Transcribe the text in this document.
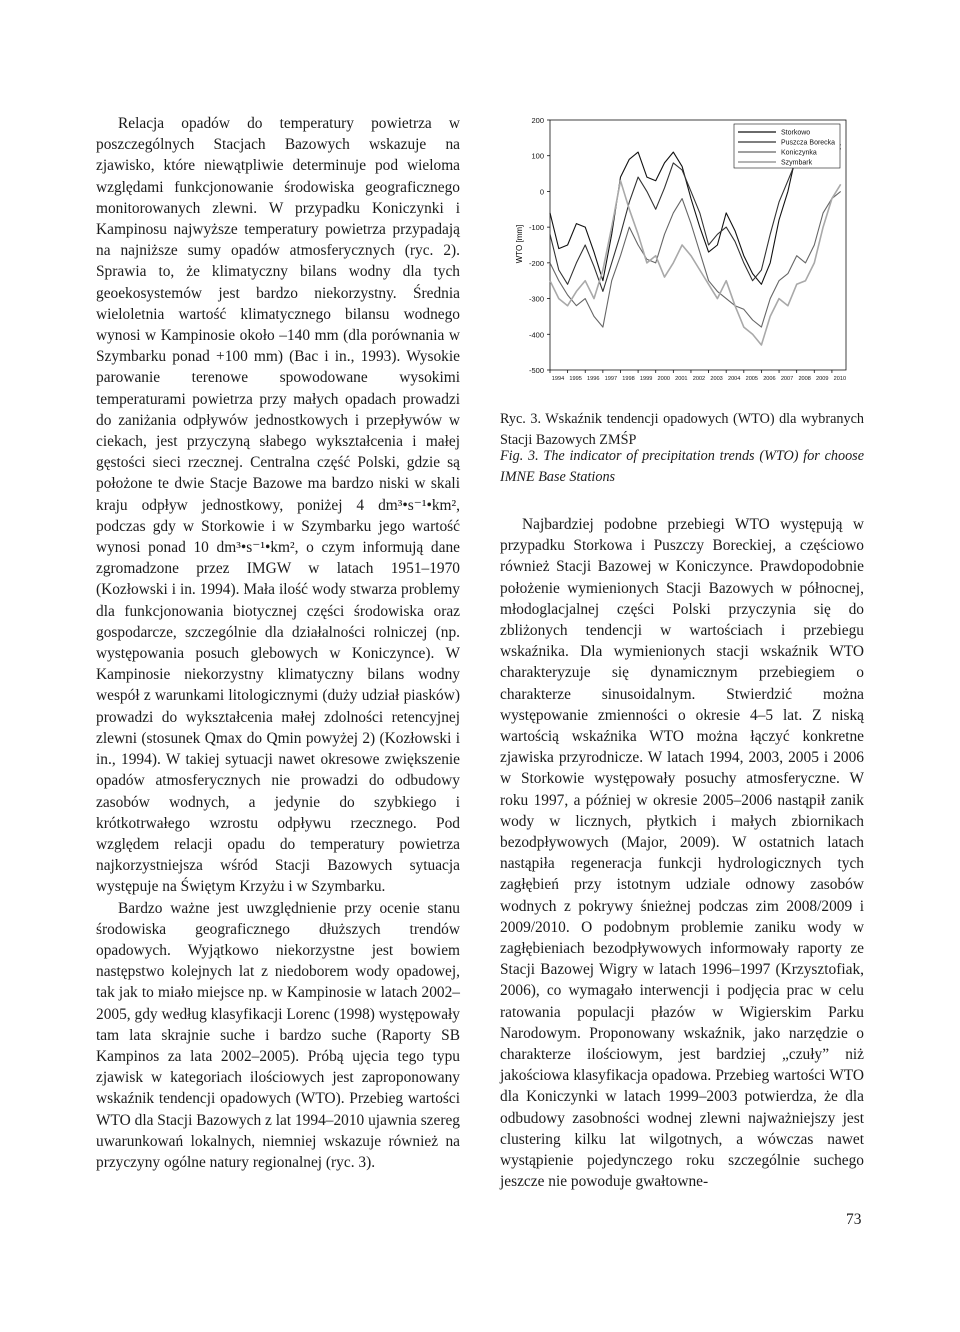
Relacja opadów do temperatury powietrza w poszczególnych Stacjach Bazowych wskazuje na zjawisko, które niewątpliwie determinuje pod wieloma względami funkcjonowanie środowiska geograficznego monitorowanych zlewni. W przypadku Koniczynki i Kampinosu najwyższe temperatury powietrza przypadają na najniższe sumy opadów atmosferycznych (ryc. 2). Sprawia to, że klimatyczny bilans wodny dla tych geoekosystemów jest bardzo niekorzystny. Średnia wieloletnia wartość klimatycznego bilansu wodnego wynosi w Kampinosie około –140 mm (dla porównania w Szymbarku ponad +100 mm) (Bac i in., 1993). Wysokie parowanie terenowe spowodowane wysokimi temperaturami powietrza przy małych opadach prowadzi do zaniżania odpływów jednostkowych i przepływów w ciekach, jest przyczyną słabego wykształcenia i małej gęstości sieci rzecznej. Centralna część Polski, gdzie są położone te dwie Stacje Bazowe ma bardzo niski w skali kraju odpływ jednostkowy, poniżej 4 dm³•s⁻¹•km², podczas gdy w Storkowie i w Szymbarku jego wartość wynosi ponad 10 dm³•s⁻¹•km², o czym informują dane zgromadzone przez IMGW w latach 1951–1970 (Kozłowski i in. 1994). Mała ilość wody stwarza problemy dla funkcjonowania biotycznej części środowiska oraz gospodarcze, szczególnie dla działalności rolniczej (np. występowania posuch glebowych w Koniczynce). W Kampinosie niekorzystny klimatyczny bilans wodny wespół z warunkami litologicznymi (duży udział piasków) prowadzi do wykształcenia małej zdolności retencyjnej zlewni (stosunek Qmax do Qmin powyżej 2) (Kozłowski i in., 1994). W takiej sytuacji nawet okresowe zwiększenie opadów atmosferycznych nie prowadzi do odbudowy zasobów wodnych, a jedynie do szybkiego i krótkotrwałego wzrostu odpływu rzecznego. Pod względem relacji opadu do temperatury powietrza najkorzystniejsza wśród Stacji Bazowych sytuacja występuje na Świętym Krzyżu i w Szymbarku.

Bardzo ważne jest uwzględnienie przy ocenie stanu środowiska geograficznego dłuższych trendów opadowych. Wyjątkowo niekorzystne jest bowiem następstwo kolejnych lat z niedoborem wody opadowej, tak jak to miało miejsce np. w Kampinosie w latach 2002–2005, gdy według klasyfikacji Lorenc (1998) występowały tam lata skrajnie suche i bardzo suche (Raporty SB Kampinos za lata 2002–2005). Próbą ujęcia tego typu zjawisk w kategoriach ilościowych jest zaproponowany wskaźnik tendencji opadowych (WTO). Przebieg wartości WTO dla Stacji Bazowych z lat 1994–2010 ujawnia szereg uwarunkowań lokalnych, niemniej wskazuje również na przyczyny ogólne natury regionalnej (ryc. 3).

WTO [mm]
200
100
0
-100
-200
-300
-400
-500
1994 1995 1996 1997 1998 1999 2000 2001 2002 2003 2004 2005 2006 2007 2008 2009 2010
Storkowo
Puszcza Borecka
Koniczynka
Szymbark
Ryc. 3. Wskaźnik tendencji opadowych (WTO) dla wybranych Stacji Bazowych ZMŚP
Fig. 3. The indicator of precipitation trends (WTO) for choose IMNE Base Stations

Najbardziej podobne przebiegi WTO występują w przypadku Storkowa i Puszczy Boreckiej, a częściowo również Stacji Bazowej w Koniczynce. Prawdopodobnie położenie wymienionych Stacji Bazowych w północnej, młodoglacjalnej części Polski przyczynia się do zbliżonych tendencji w wartościach i przebiegu wskaźnika. Dla wymienionych stacji wskaźnik WTO charakteryzuje się dynamicznym przebiegiem o charakterze sinusoidalnym. Stwierdzić można występowanie zmienności o okresie 4–5 lat. Z niską wartością wskaźnika WTO można łączyć konkretne zjawiska przyrodnicze. W latach 1994, 2003, 2005 i 2006 w Storkowie występowały posuchy atmosferyczne. W roku 1997, a później w okresie 2005–2006 nastąpił zanik wody w licznych, płytkich i małych zbiornikach bezodpływowych (Major, 2009). W ostatnich latach nastąpiła regeneracja funkcji hydrologicznych tych zagłębień przy istotnym udziale odnowy zasobów wodnych z pokrywy śnieżnej podczas zim 2008/2009 i 2009/2010. O podobnym problemie zaniku wody w zagłębieniach bezodpływowych informowały raporty ze Stacji Bazowej Wigry w latach 1996–1997 (Krzysztofiak, 2006), co wymagało interwencji i podjęcia prac w celu ratowania populacji płazów w Wigierskim Parku Narodowym. Proponowany wskaźnik, jako narzędzie o charakterze ilościowym, jest bardziej „czuły” niż jakościowa klasyfikacja opadowa. Przebieg wartości WTO dla Koniczynki w latach 1999–2003 potwierdza, że dla odbudowy zasobności wodnej zlewni najważniejszy jest clustering kilku lat wilgotnych, a wówczas nawet wystąpienie pojedynczego roku szczególnie suchego jeszcze nie powoduje gwałtowne-

73
